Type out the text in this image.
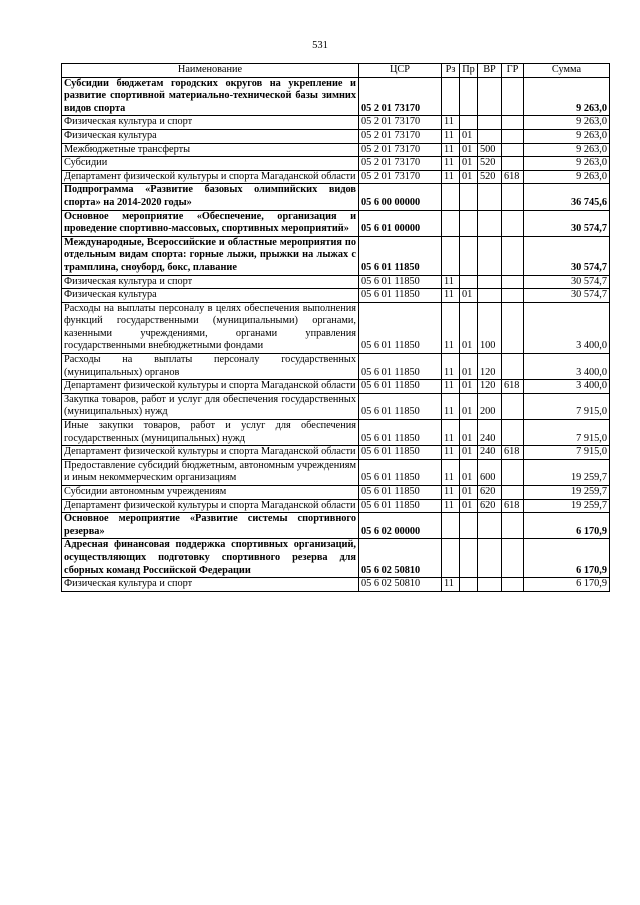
531
Наименование	ЦСР	Рз	Пр	ВР	ГР	Сумма
Субсидии бюджетам городских округов на укрепление и развитие спортивной материально-технической базы зимних видов спорта	05 2 01 73170					9 263,0
Физическая культура и спорт	05 2 01 73170	11				9 263,0
Физическая культура	05 2 01 73170	11	01			9 263,0
Межбюджетные трансферты	05 2 01 73170	11	01	500		9 263,0
Субсидии	05 2 01 73170	11	01	520		9 263,0
Департамент физической культуры и спорта Магаданской области	05 2 01 73170	11	01	520	618	9 263,0
Подпрограмма «Развитие базовых олимпийских видов спорта» на 2014-2020 годы»	05 6 00 00000					36 745,6
Основное мероприятие «Обеспечение, организация и проведение спортивно-массовых, спортивных мероприятий»	05 6 01 00000					30 574,7
Международные, Всероссийские и областные мероприятия по отдельным видам спорта: горные лыжи, прыжки на лыжах с трамплина, сноуборд, бокс, плавание	05 6 01 11850					30 574,7
Физическая культура и спорт	05 6 01 11850	11				30 574,7
Физическая культура	05 6 01 11850	11	01			30 574,7
Расходы на выплаты персоналу в целях обеспечения выполнения функций государственными (муниципальными) органами, казенными учреждениями, органами управления государственными внебюджетными фондами	05 6 01 11850	11	01	100		3 400,0
Расходы на выплаты персоналу государственных (муниципальных) органов	05 6 01 11850	11	01	120		3 400,0
Департамент физической культуры и спорта Магаданской области	05 6 01 11850	11	01	120	618	3 400,0
Закупка товаров, работ и услуг для обеспечения государственных (муниципальных) нужд	05 6 01 11850	11	01	200		7 915,0
Иные закупки товаров, работ и услуг для обеспечения государственных (муниципальных) нужд	05 6 01 11850	11	01	240		7 915,0
Департамент физической культуры и спорта Магаданской области	05 6 01 11850	11	01	240	618	7 915,0
Предоставление субсидий бюджетным, автономным учреждениям и иным некоммерческим организациям	05 6 01 11850	11	01	600		19 259,7
Субсидии автономным учреждениям	05 6 01 11850	11	01	620		19 259,7
Департамент физической культуры и спорта Магаданской области	05 6 01 11850	11	01	620	618	19 259,7
Основное мероприятие «Развитие системы спортивного резерва»	05 6 02 00000					6 170,9
Адресная финансовая поддержка спортивных организаций, осуществляющих подготовку спортивного резерва для сборных команд Российской Федерации	05 6 02 50810					6 170,9
Физическая культура и спорт	05 6 02 50810	11				6 170,9
